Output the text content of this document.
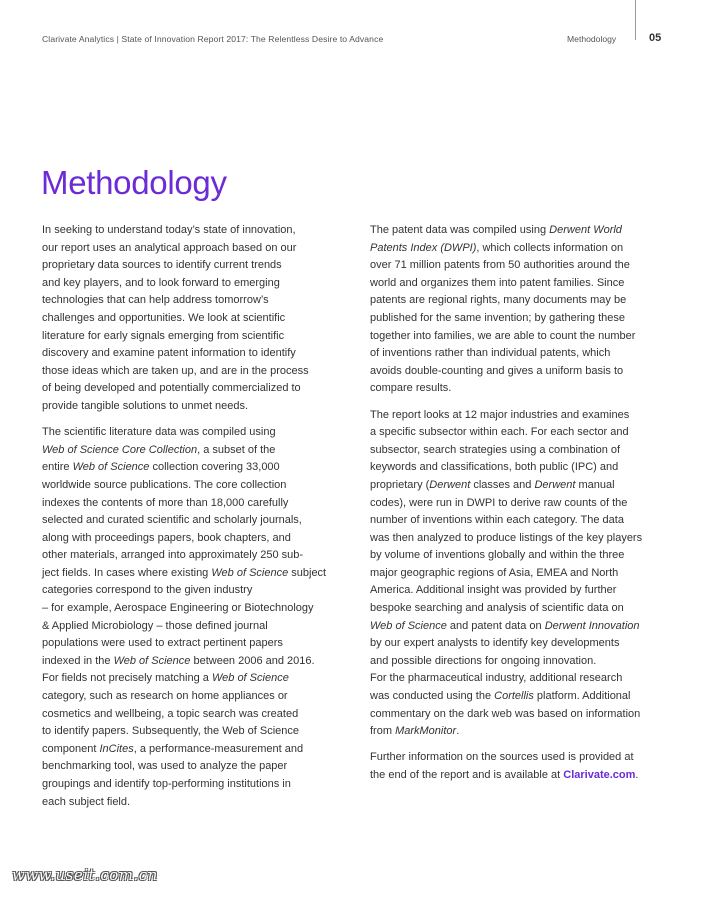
Clarivate Analytics | State of Innovation Report 2017: The Relentless Desire to Advance	Methodology	05
Methodology

In seeking to understand today’s state of innovation,
our report uses an analytical approach based on our
proprietary data sources to identify current trends
and key players, and to look forward to emerging
technologies that can help address tomorrow’s
challenges and opportunities. We look at scientific
literature for early signals emerging from scientific
discovery and examine patent information to identify
those ideas which are taken up, and are in the process
of being developed and potentially commercialized to
provide tangible solutions to unmet needs.

The scientific literature data was compiled using
Web of Science Core Collection, a subset of the
entire Web of Science collection covering 33,000
worldwide source publications. The core collection
indexes the contents of more than 18,000 carefully
selected and curated scientific and scholarly journals,
along with proceedings papers, book chapters, and
other materials, arranged into approximately 250 sub-
ject fields. In cases where existing Web of Science subject
categories correspond to the given industry
– for example, Aerospace Engineering or Biotechnology
& Applied Microbiology – those defined journal
populations were used to extract pertinent papers
indexed in the Web of Science between 2006 and 2016.
For fields not precisely matching a Web of Science
category, such as research on home appliances or
cosmetics and wellbeing, a topic search was created
to identify papers. Subsequently, the Web of Science
component InCites, a performance-measurement and
benchmarking tool, was used to analyze the paper
groupings and identify top-performing institutions in
each subject field.

The patent data was compiled using Derwent World
Patents Index (DWPI), which collects information on
over 71 million patents from 50 authorities around the
world and organizes them into patent families. Since
patents are regional rights, many documents may be
published for the same invention; by gathering these
together into families, we are able to count the number
of inventions rather than individual patents, which
avoids double-counting and gives a uniform basis to
compare results.

The report looks at 12 major industries and examines
a specific subsector within each. For each sector and
subsector, search strategies using a combination of
keywords and classifications, both public (IPC) and
proprietary (Derwent classes and Derwent manual
codes), were run in DWPI to derive raw counts of the
number of inventions within each category. The data
was then analyzed to produce listings of the key players
by volume of inventions globally and within the three
major geographic regions of Asia, EMEA and North
America. Additional insight was provided by further
bespoke searching and analysis of scientific data on
Web of Science and patent data on Derwent Innovation
by our expert analysts to identify key developments
and possible directions for ongoing innovation.
For the pharmaceutical industry, additional research
was conducted using the Cortellis platform. Additional
commentary on the dark web was based on information
from MarkMonitor.

Further information on the sources used is provided at
the end of the report and is available at Clarivate.com.

www.useit.com.cn
